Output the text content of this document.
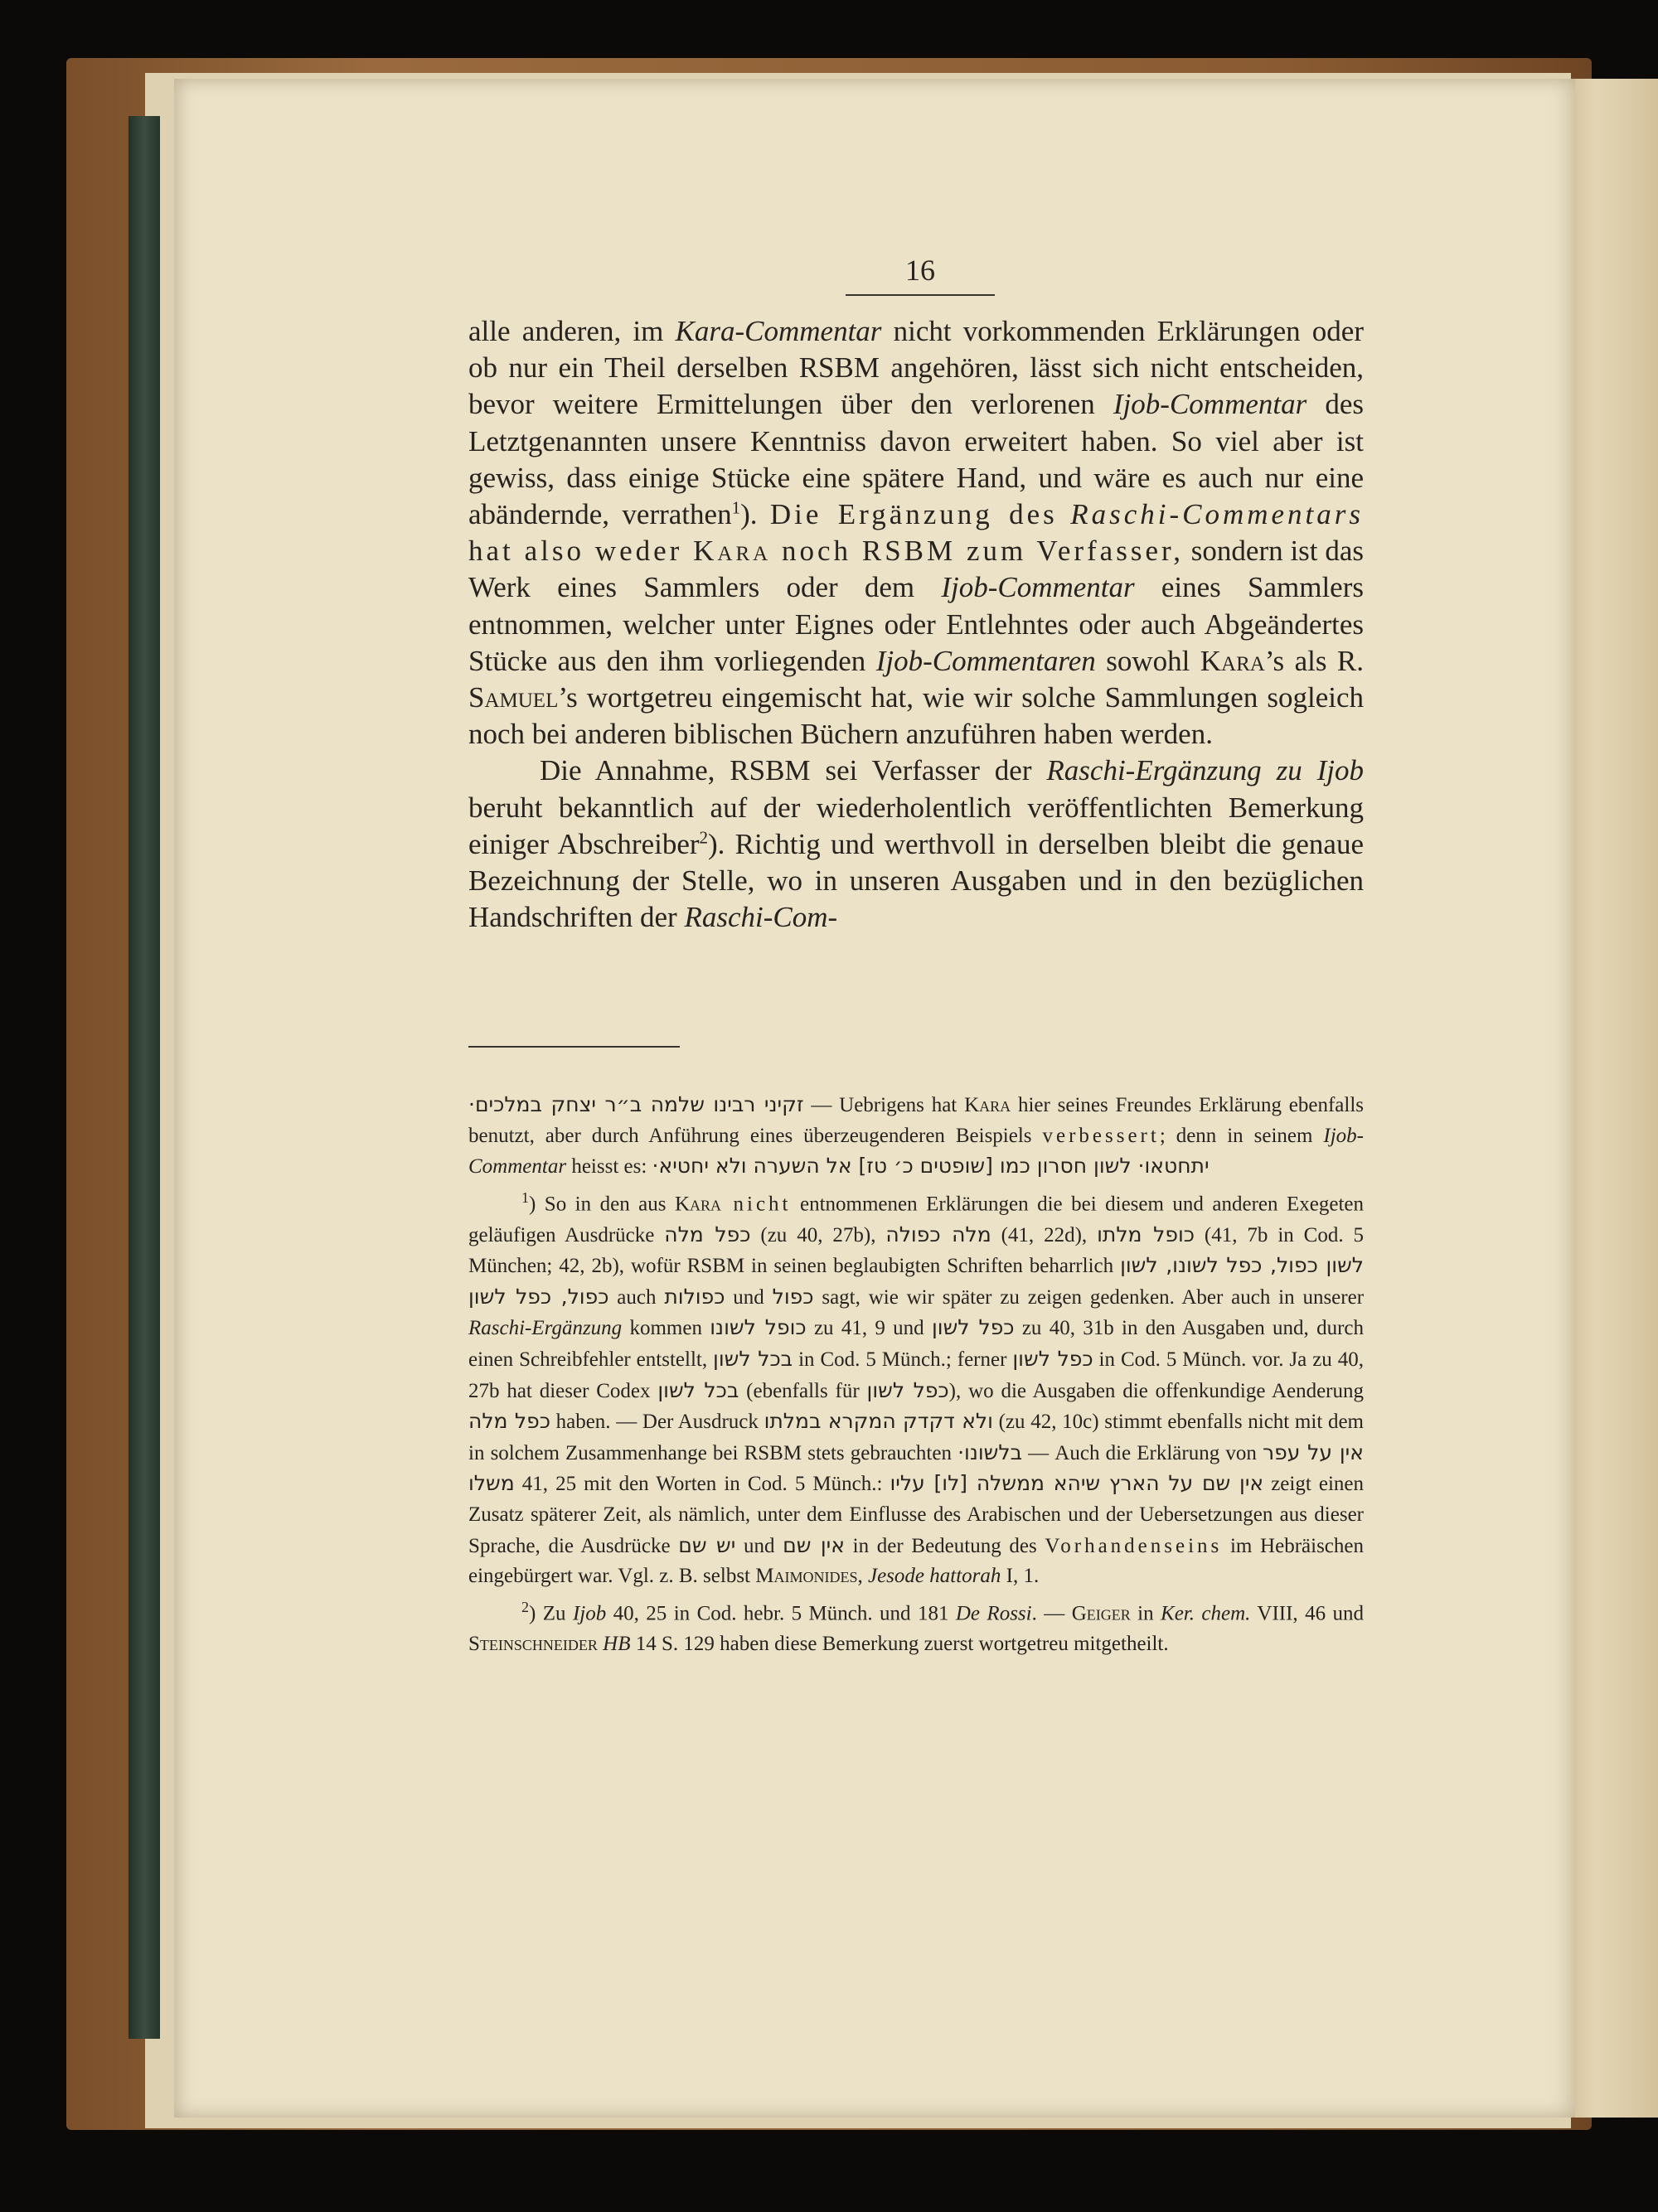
16

alle anderen, im Kara-Commentar nicht vorkommenden Erklärungen oder ob nur ein Theil derselben RSBM angehören, lässt sich nicht entscheiden, bevor weitere Ermittelungen über den verlorenen Ijob-Commentar des Letztgenannten unsere Kenntniss davon erweitert haben. So viel aber ist gewiss, dass einige Stücke eine spätere Hand, und wäre es auch nur eine abändernde, verrathen$^1$). Die Ergänzung des Raschi-Commentars hat also weder Kara noch RSBM zum Verfasser, sondern ist das Werk eines Sammlers oder dem Ijob-Commentar eines Sammlers entnommen, welcher unter Eignes oder Entlehntes oder auch Abgeändertes Stücke aus den ihm vorliegenden Ijob-Commentaren sowohl Kara’s als R. Samuel’s wortgetreu eingemischt hat, wie wir solche Sammlungen sogleich noch bei anderen biblischen Büchern anzuführen haben werden.

Die Annahme, RSBM sei Verfasser der Raschi-Ergänzung zu Ijob beruht bekanntlich auf der wiederholentlich veröffentlichten Bemerkung einiger Abschreiber$^2$). Richtig und werthvoll in derselben bleibt die genaue Bezeichnung der Stelle, wo in unseren Ausgaben und in den bezüglichen Handschriften der Raschi-Com-

זקיני רבינו שלמה ב״ר יצחק במלכים· — Uebrigens hat Kara hier seines Freundes Erklärung ebenfalls benutzt, aber durch Anführung eines überzeugenderen Beispiels verbessert; denn in seinem Ijob-Commentar heisst es: יתחטאו· לשון חסרון כמו [שופטים כ׳ טז] אל השערה ולא יחטיא·

$^1$) So in den aus Kara nicht entnommenen Erklärungen die bei diesem und anderen Exegeten geläufigen Ausdrücke כפל מלה (zu 40, 27b), מלה כפולה (41, 22d), כופל מלתו (41, 7b in Cod. 5 München; 42, 2b), wofür RSBM in seinen beglaubigten Schriften beharrlich לשון כפול, כפל לשונו, לשון כפול, כפל לשון auch כפולות und כפול sagt, wie wir später zu zeigen gedenken. Aber auch in unserer Raschi-Ergänzung kommen כופל לשונו zu 41, 9 und כפל לשון zu 40, 31b in den Ausgaben und, durch einen Schreibfehler entstellt, בכל לשון in Cod. 5 Münch.; ferner כפל לשון in Cod. 5 Münch. vor. Ja zu 40, 27b hat dieser Codex בכל לשון (ebenfalls für כפל לשון), wo die Ausgaben die offenkundige Aenderung כפל מלה haben. — Der Ausdruck ולא דקדק המקרא במלתו (zu 42, 10c) stimmt ebenfalls nicht mit dem in solchem Zusammenhange bei RSBM stets gebrauchten בלשונו· — Auch die Erklärung von אין על עפר משלו 41, 25 mit den Worten in Cod. 5 Münch.: אין שם על הארץ שיהא ממשלה [לו] עליו zeigt einen Zusatz späterer Zeit, als nämlich, unter dem Einflusse des Arabischen und der Uebersetzungen aus dieser Sprache, die Ausdrücke יש שם und אין שם in der Bedeutung des Vorhandenseins im Hebräischen eingebürgert war. Vgl. z. B. selbst Maimonides, Jesode hattorah I, 1.

$^2$) Zu Ijob 40, 25 in Cod. hebr. 5 Münch. und 181 De Rossi. — Geiger in Ker. chem. VIII, 46 und Steinschneider HB 14 S. 129 haben diese Bemerkung zuerst wortgetreu mitgetheilt.
